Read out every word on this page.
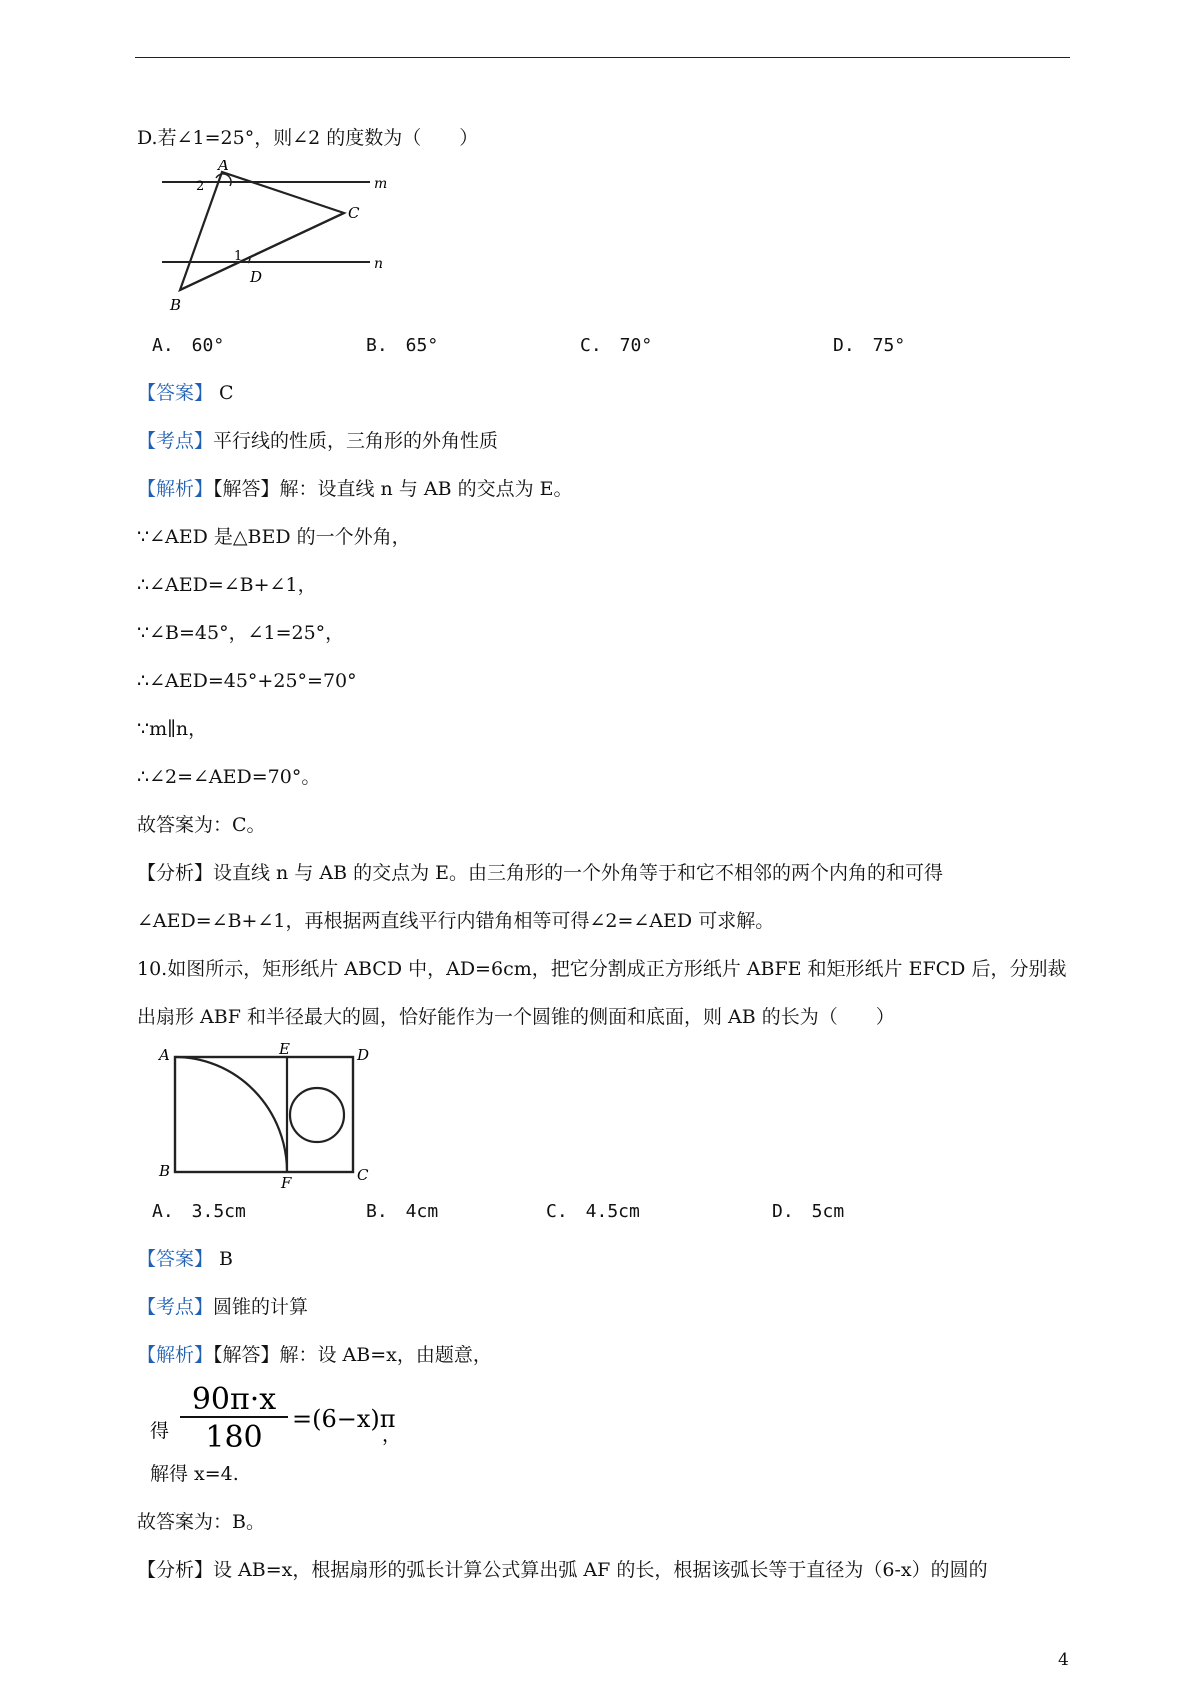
D.若∠1=25°，则∠2 的度数为（　　）
A
2	m
C
1
D
n
B
A.　60°	B.　65°	C.　70°	D.　75°
【答案】 C
【考点】平行线的性质，三角形的外角性质
【解析】【解答】解：设直线 n 与 AB 的交点为 E。
∵∠AED 是△BED 的一个外角，
∴∠AED=∠B+∠1，
∵∠B=45°，∠1=25°，
∴∠AED=45°+25°=70°
∵m∥n，
∴∠2=∠AED=70°。
故答案为：C。
【分析】设直线 n 与 AB 的交点为 E。由三角形的一个外角等于和它不相邻的两个内角的和可得
∠AED=∠B+∠1，再根据两直线平行内错角相等可得∠2=∠AED 可求解。
10.如图所示，矩形纸片 ABCD 中，AD=6cm，把它分割成正方形纸片 ABFE 和矩形纸片 EFCD 后，分别裁
出扇形 ABF 和半径最大的圆，恰好能作为一个圆锥的侧面和底面，则 AB 的长为（　　）
A	E	D
B
F	C
A.　3.5cm	B.　4cm	C.　4.5cm	D.　5cm
【答案】 B
【考点】圆锥的计算
【解析】【解答】解：设 AB=x，由题意，
得
90π·x
180
=(6−x)π
，
解得 x=4.
故答案为：B。
【分析】设 AB=x，根据扇形的弧长计算公式算出弧 AF 的长，根据该弧长等于直径为（6-x）的圆的
4
